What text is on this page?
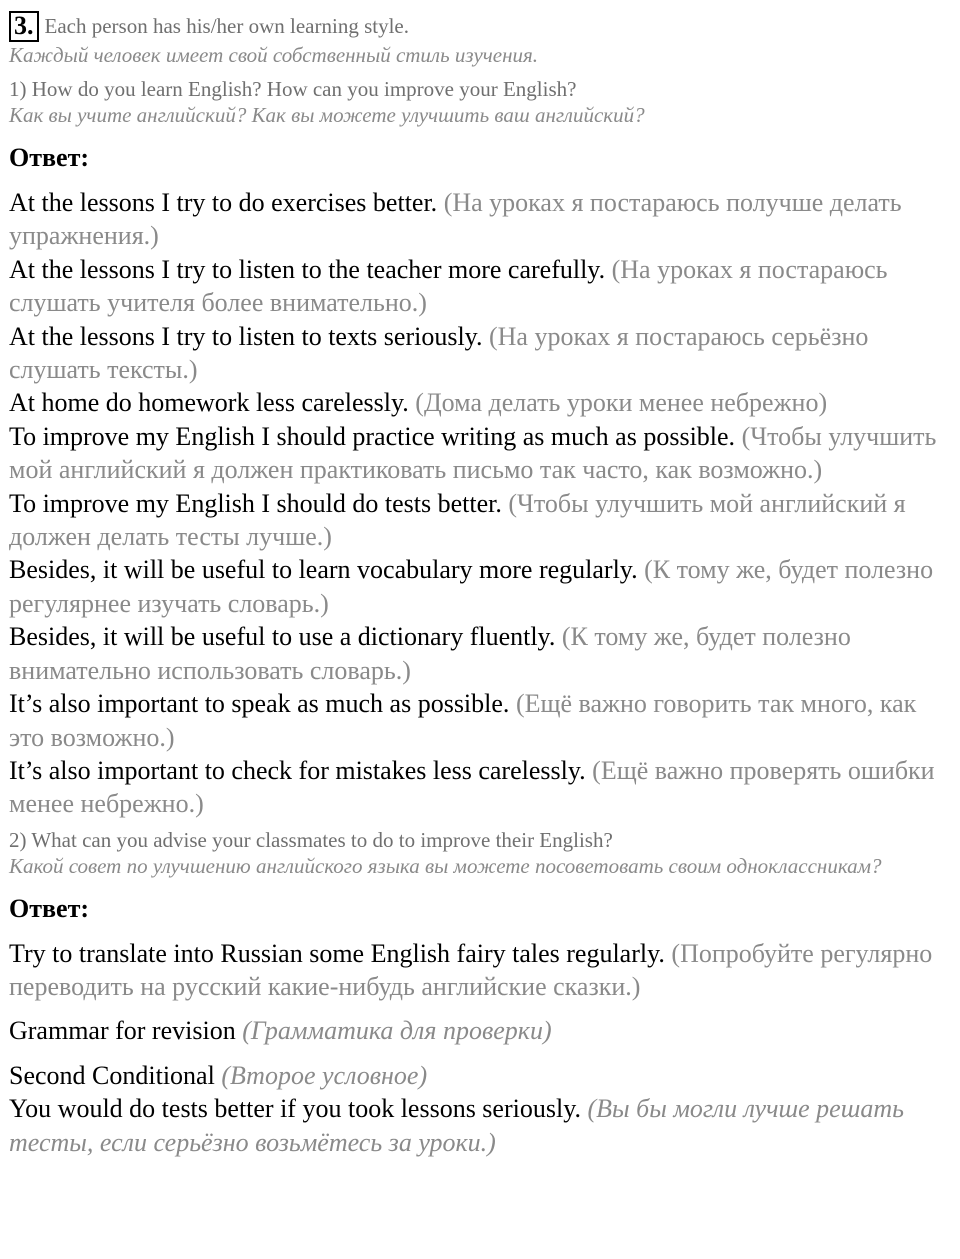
3. Each person has his/her own learning style.
Каждый человек имеет свой собственный стиль изучения.
1) How do you learn English? How can you improve your English?
Как вы учите английский? Как вы можете улучшить ваш английский?
Ответ:
At the lessons I try to do exercises better. (На уроках я постараюсь получше делать упражнения.)
At the lessons I try to listen to the teacher more carefully. (На уроках я постараюсь слушать учителя более внимательно.)
At the lessons I try to listen to texts seriously. (На уроках я постараюсь серьёзно слушать тексты.)
At home do homework less carelessly. (Дома делать уроки менее небрежно)
To improve my English I should practice writing as much as possible. (Чтобы улучшить мой английский я должен практиковать письмо так часто, как возможно.)
To improve my English I should do tests better. (Чтобы улучшить мой английский я должен делать тесты лучше.)
Besides, it will be useful to learn vocabulary more regularly. (К тому же, будет полезно регулярнее изучать словарь.)
Besides, it will be useful to use a dictionary fluently. (К тому же, будет полезно внимательно использовать словарь.)
It’s also important to speak as much as possible. (Ещё важно говорить так много, как это возможно.)
It’s also important to check for mistakes less carelessly. (Ещё важно проверять ошибки менее небрежно.)
2) What can you advise your classmates to do to improve their English?
Какой совет по улучшению английского языка вы можете посоветовать своим одноклассникам?
Ответ:
Try to translate into Russian some English fairy tales regularly. (Попробуйте регулярно переводить на русский какие-нибудь английские сказки.)
Grammar for revision (Грамматика для проверки)
Second Conditional (Второе условное)
You would do tests better if you took lessons seriously. (Вы бы могли лучше решать тесты, если серьёзно возьмётесь за уроки.)
